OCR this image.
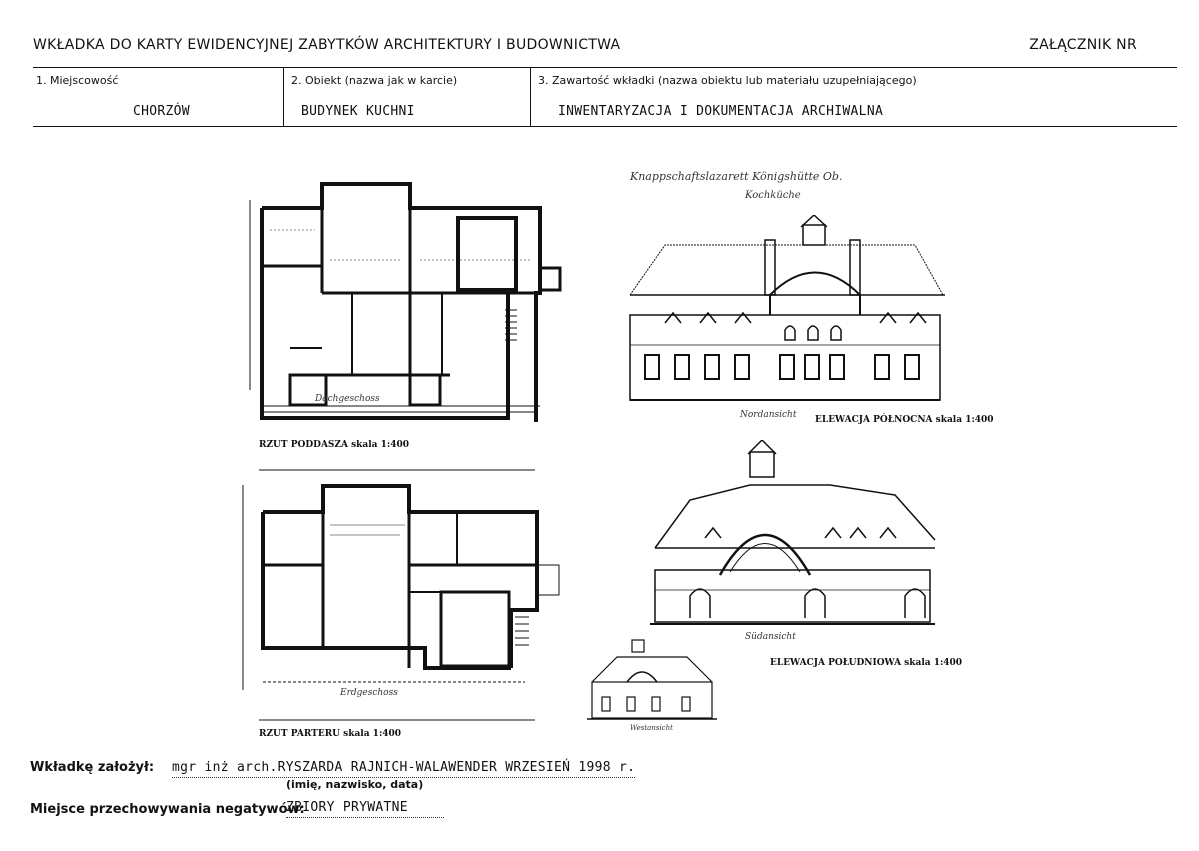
WKŁADKA DO KARTY EWIDENCYJNEJ ZABYTKÓW ARCHITEKTURY I BUDOWNICTWA	ZAŁĄCZNIK NR
1. Miejscowość
CHORZÓW
2. Obiekt (nazwa jak w karcie)
BUDYNEK KUCHNI
3. Zawartość wkładki (nazwa obiektu lub materiału uzupełniającego)
INWENTARYZACJA I DOKUMENTACJA ARCHIWALNA
Dachgeschoss
RZUT PODDASZA skala 1:400
Erdgeschoss
RZUT PARTERU skala 1:400
Knappschaftslazarett Königshütte Ob.
Kochküche
Nordansicht ELEWACJA PÓŁNOCNA skala 1:400
Südansicht
ELEWACJA POŁUDNIOWA skala 1:400
Westansicht
Wkładkę założył: mgr inż arch.RYSZARDA RAJNICH-WALAWENDER WRZESIEŃ 1998 r.
(imię, nazwisko, data)
Miejsce przechowywania negatywów:
ZBIORY PRYWATNE
